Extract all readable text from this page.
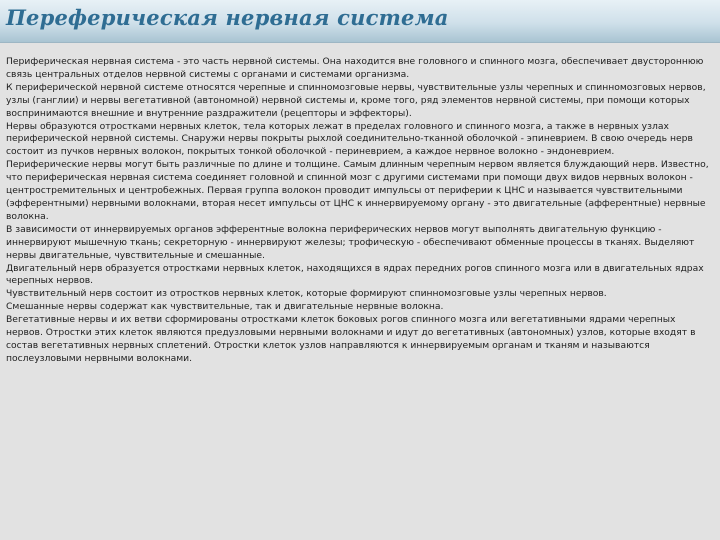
Переферическая нервная система

Периферическая нервная система - это часть нервной системы. Она находится вне головного и спинного мозга, обеспечивает двустороннюю связь центральных отделов нервной системы с органами и системами организма.

К периферической нервной системе относятся черепные и спинномозговые нервы, чувствительные узлы черепных и спинномозговых нервов, узлы (ганглии) и нервы вегетативной (автономной) нервной системы и, кроме того, ряд элементов нервной системы, при помощи которых воспринимаются внешние и внутренние раздражители (рецепторы и эффекторы).

Нервы образуются отростками нервных клеток, тела которых лежат в пределах головного и спинного мозга, а также в нервных узлах периферической нервной системы. Снаружи нервы покрыты рыхлой соединительно-тканной оболочкой - эпиневрием. В свою очередь нерв состоит из пучков нервных волокон, покрытых тонкой оболочкой - периневрием, а каждое нервное волокно - эндоневрием.

Периферические нервы могут быть различные по длине и толщине. Самым длинным черепным нервом является блуждающий нерв. Известно, что периферическая нервная система соединяет головной и спинной мозг с другими системами при помощи двух видов нервных волокон - центростремительных и центробежных. Первая группа волокон проводит импульсы от периферии к ЦНС и называется чувствительными (эфферентными) нервными волокнами, вторая несет импульсы от ЦНС к иннервируемому органу - это двигательные (афферентные) нервные волокна.

В зависимости от иннервируемых органов эфферентные волокна периферических нервов могут выполнять двигательную функцию - иннервируют мышечную ткань; секреторную - иннервируют железы; трофическую - обеспечивают обменные процессы в тканях. Выделяют нервы двигательные, чувствительные и смешанные.

Двигательный нерв образуется отростками нервных клеток, находящихся в ядрах передних рогов спинного мозга или в двигательных ядрах черепных нервов.

Чувствительный нерв состоит из отростков нервных клеток, которые формируют спинномозговые узлы черепных нервов.

Смешанные нервы содержат как чувствительные, так и двигательные нервные волокна.

Вегетативные нервы и их ветви сформированы отростками клеток боковых рогов спинного мозга или вегетативными ядрами черепных нервов. Отростки этих клеток являются предузловыми нервными волокнами и идут до вегетативных (автономных) узлов, которые входят в состав вегетативных нервных сплетений. Отростки клеток узлов направляются к иннервируемым органам и тканям и называются послеузловыми нервными волокнами.
